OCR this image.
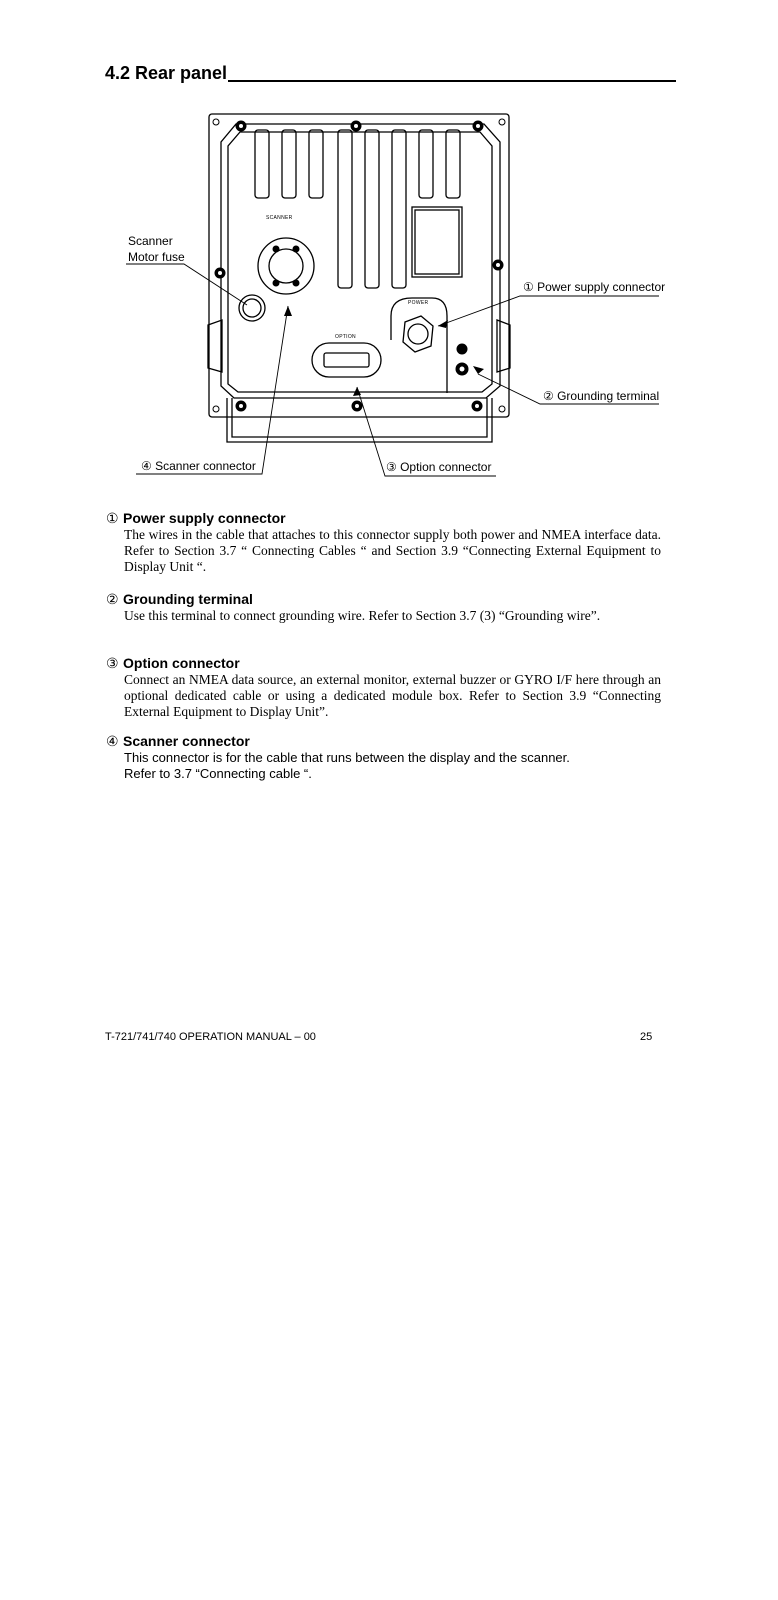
4.2 Rear panel
SCANNER
POWER
OPTION
Scanner
Motor fuse
① Power supply connector
② Grounding terminal
④ Scanner connector	③ Option connector
① Power supply connector

The wires in the cable that attaches to this connector supply both power and NMEA interface data. Refer to Section 3.7 “ Connecting Cables “ and Section 3.9 “Connecting External Equipment to Display Unit “.

② Grounding terminal

Use this terminal to connect grounding wire. Refer to Section 3.7 (3) “Grounding wire”.

③ Option connector

Connect an NMEA data source, an external monitor, external buzzer or GYRO I/F here through an optional dedicated cable or using a dedicated module box. Refer to Section 3.9 “Connecting External Equipment to Display Unit”.

④ Scanner connector

This connector is for the cable that runs between the display and the scanner.

Refer to 3.7 “Connecting cable “.

T-721/741/740 OPERATION MANUAL – 00	25
